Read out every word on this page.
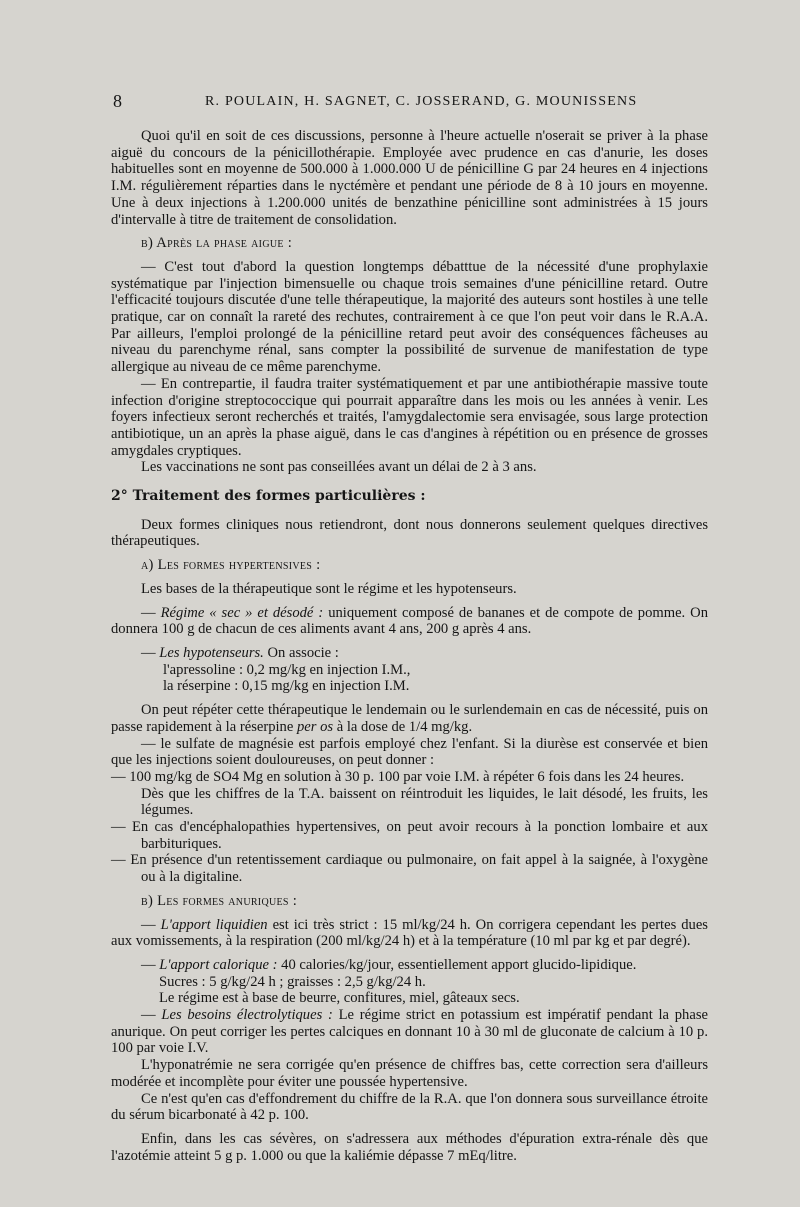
8	R. POULAIN, H. SAGNET, C. JOSSERAND, G. MOUNISSENS

Quoi qu'il en soit de ces discussions, personne à l'heure actuelle n'oserait se priver à la phase aiguë du concours de la pénicillothérapie. Employée avec prudence en cas d'anurie, les doses habituelles sont en moyenne de 500.000 à 1.000.000 U de pénicilline G par 24 heures en 4 injections I.M. régulièrement réparties dans le nyctémère et pendant une période de 8 à 10 jours en moyenne. Une à deux injections à 1.200.000 unités de benzathine pénicilline sont administrées à 15 jours d'intervalle à titre de traitement de consolidation.

b) Après la phase aigue :

— C'est tout d'abord la question longtemps débatttue de la nécessité d'une prophylaxie systématique par l'injection bimensuelle ou chaque trois semaines d'une pénicilline retard. Outre l'efficacité toujours discutée d'une telle thérapeutique, la majorité des auteurs sont hostiles à une telle pratique, car on connaît la rareté des rechutes, contrairement à ce que l'on peut voir dans le R.A.A. Par ailleurs, l'emploi prolongé de la pénicilline retard peut avoir des conséquences fâcheuses au niveau du parenchyme rénal, sans compter la possibilité de survenue de manifestation de type allergique au niveau de ce même parenchyme.

— En contrepartie, il faudra traiter systématiquement et par une antibiothérapie massive toute infection d'origine streptococcique qui pourrait apparaître dans les mois ou les années à venir. Les foyers infectieux seront recherchés et traités, l'amygdalectomie sera envisagée, sous large protection antibiotique, un an après la phase aiguë, dans le cas d'angines à répétition ou en présence de grosses amygdales cryptiques.

Les vaccinations ne sont pas conseillées avant un délai de 2 à 3 ans.

2° Traitement des formes particulières :

Deux formes cliniques nous retiendront, dont nous donnerons seulement quelques directives thérapeutiques.

a) Les formes hypertensives :

Les bases de la thérapeutique sont le régime et les hypotenseurs.

— Régime « sec » et désodé : uniquement composé de bananes et de compote de pomme. On donnera 100 g de chacun de ces aliments avant 4 ans, 200 g après 4 ans.

— Les hypotenseurs. On associe :

l'apressoline : 0,2 mg/kg en injection I.M.,

la réserpine : 0,15 mg/kg en injection I.M.

On peut répéter cette thérapeutique le lendemain ou le surlendemain en cas de nécessité, puis on passe rapidement à la réserpine per os à la dose de 1/4 mg/kg.

— le sulfate de magnésie est parfois employé chez l'enfant. Si la diurèse est conservée et bien que les injections soient douloureuses, on peut donner :

— 100 mg/kg de SO4 Mg en solution à 30 p. 100 par voie I.M. à répéter 6 fois dans les 24 heures.

Dès que les chiffres de la T.A. baissent on réintroduit les liquides, le lait désodé, les fruits, les légumes.

— En cas d'encéphalopathies hypertensives, on peut avoir recours à la ponction lombaire et aux barbituriques.

— En présence d'un retentissement cardiaque ou pulmonaire, on fait appel à la saignée, à l'oxygène ou à la digitaline.

b) Les formes anuriques :

— L'apport liquidien est ici très strict : 15 ml/kg/24 h. On corrigera cependant les pertes dues aux vomissements, à la respiration (200 ml/kg/24 h) et à la température (10 ml par kg et par degré).

— L'apport calorique : 40 calories/kg/jour, essentiellement apport glucido-lipidique.

Sucres : 5 g/kg/24 h ; graisses : 2,5 g/kg/24 h.

Le régime est à base de beurre, confitures, miel, gâteaux secs.

— Les besoins électrolytiques : Le régime strict en potassium est impératif pendant la phase anurique. On peut corriger les pertes calciques en donnant 10 à 30 ml de gluconate de calcium à 10 p. 100 par voie I.V.

L'hyponatrémie ne sera corrigée qu'en présence de chiffres bas, cette correction sera d'ailleurs modérée et incomplète pour éviter une poussée hypertensive.

Ce n'est qu'en cas d'effondrement du chiffre de la R.A. que l'on donnera sous surveillance étroite du sérum bicarbonaté à 42 p. 100.

Enfin, dans les cas sévères, on s'adressera aux méthodes d'épuration extra-rénale dès que l'azotémie atteint 5 g p. 1.000 ou que la kaliémie dépasse 7 mEq/litre.
